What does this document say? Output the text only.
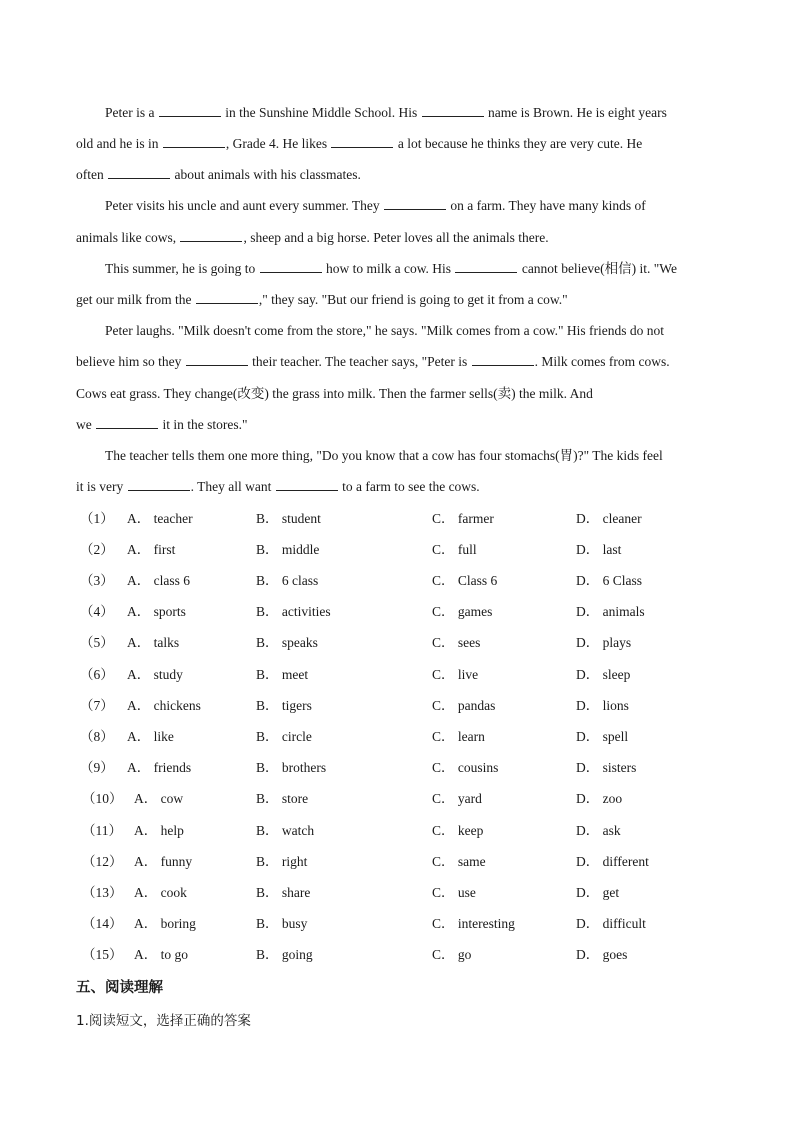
Peter is a	in the Sunshine Middle School. His	name is Brown. He is eight years
old and he is in	, Grade 4. He likes	a lot because he thinks they are very cute. He
often	about animals with his classmates.
Peter visits his uncle and aunt every summer. They	on a farm. They have many kinds of
animals like cows,	, sheep and a big horse. Peter loves all the animals there.
This summer, he is going to	how to milk a cow. His	cannot believe(相信) it. "We
get our milk from the	," they say. "But our friend is going to get it from a cow."
Peter laughs. "Milk doesn't come from the store," he says. "Milk comes from a cow." His friends do not
believe him so they	their teacher. The teacher says, "Peter is	. Milk comes from cows.
Cows eat grass. They change(改变) the grass into milk. Then the farmer sells(卖) the milk. And
we	it in the stores."
The teacher tells them one more thing, "Do you know that a cow has four stomachs(胃)?" The kids feel
it is very	. They all want	to a farm to see the cows.
（1） A． teacher	B． student	C． farmer	D． cleaner
（2） A． first	B． middle	C． full	D． last
（3） A． class 6	B． 6 class	C． Class 6	D． 6 Class
（4） A． sports	B． activities	C． games	D． animals
（5） A． talks	B． speaks	C． sees	D． plays
（6） A． study	B． meet	C． live	D． sleep
（7） A． chickens	B． tigers	C． pandas	D． lions
（8） A． like	B． circle	C． learn	D． spell
（9） A． friends	B． brothers	C． cousins	D． sisters
（10） A． cow	B． store	C． yard	D． zoo
（11） A． help	B． watch	C． keep	D． ask
（12） A． funny	B． right	C． same	D． different
（13） A． cook	B． share	C． use	D． get
（14） A． boring	B． busy	C． interesting	D． difficult
（15） A． to go	B． going	C． go	D． goes
五、阅读理解
1.阅读短文，选择正确的答案
